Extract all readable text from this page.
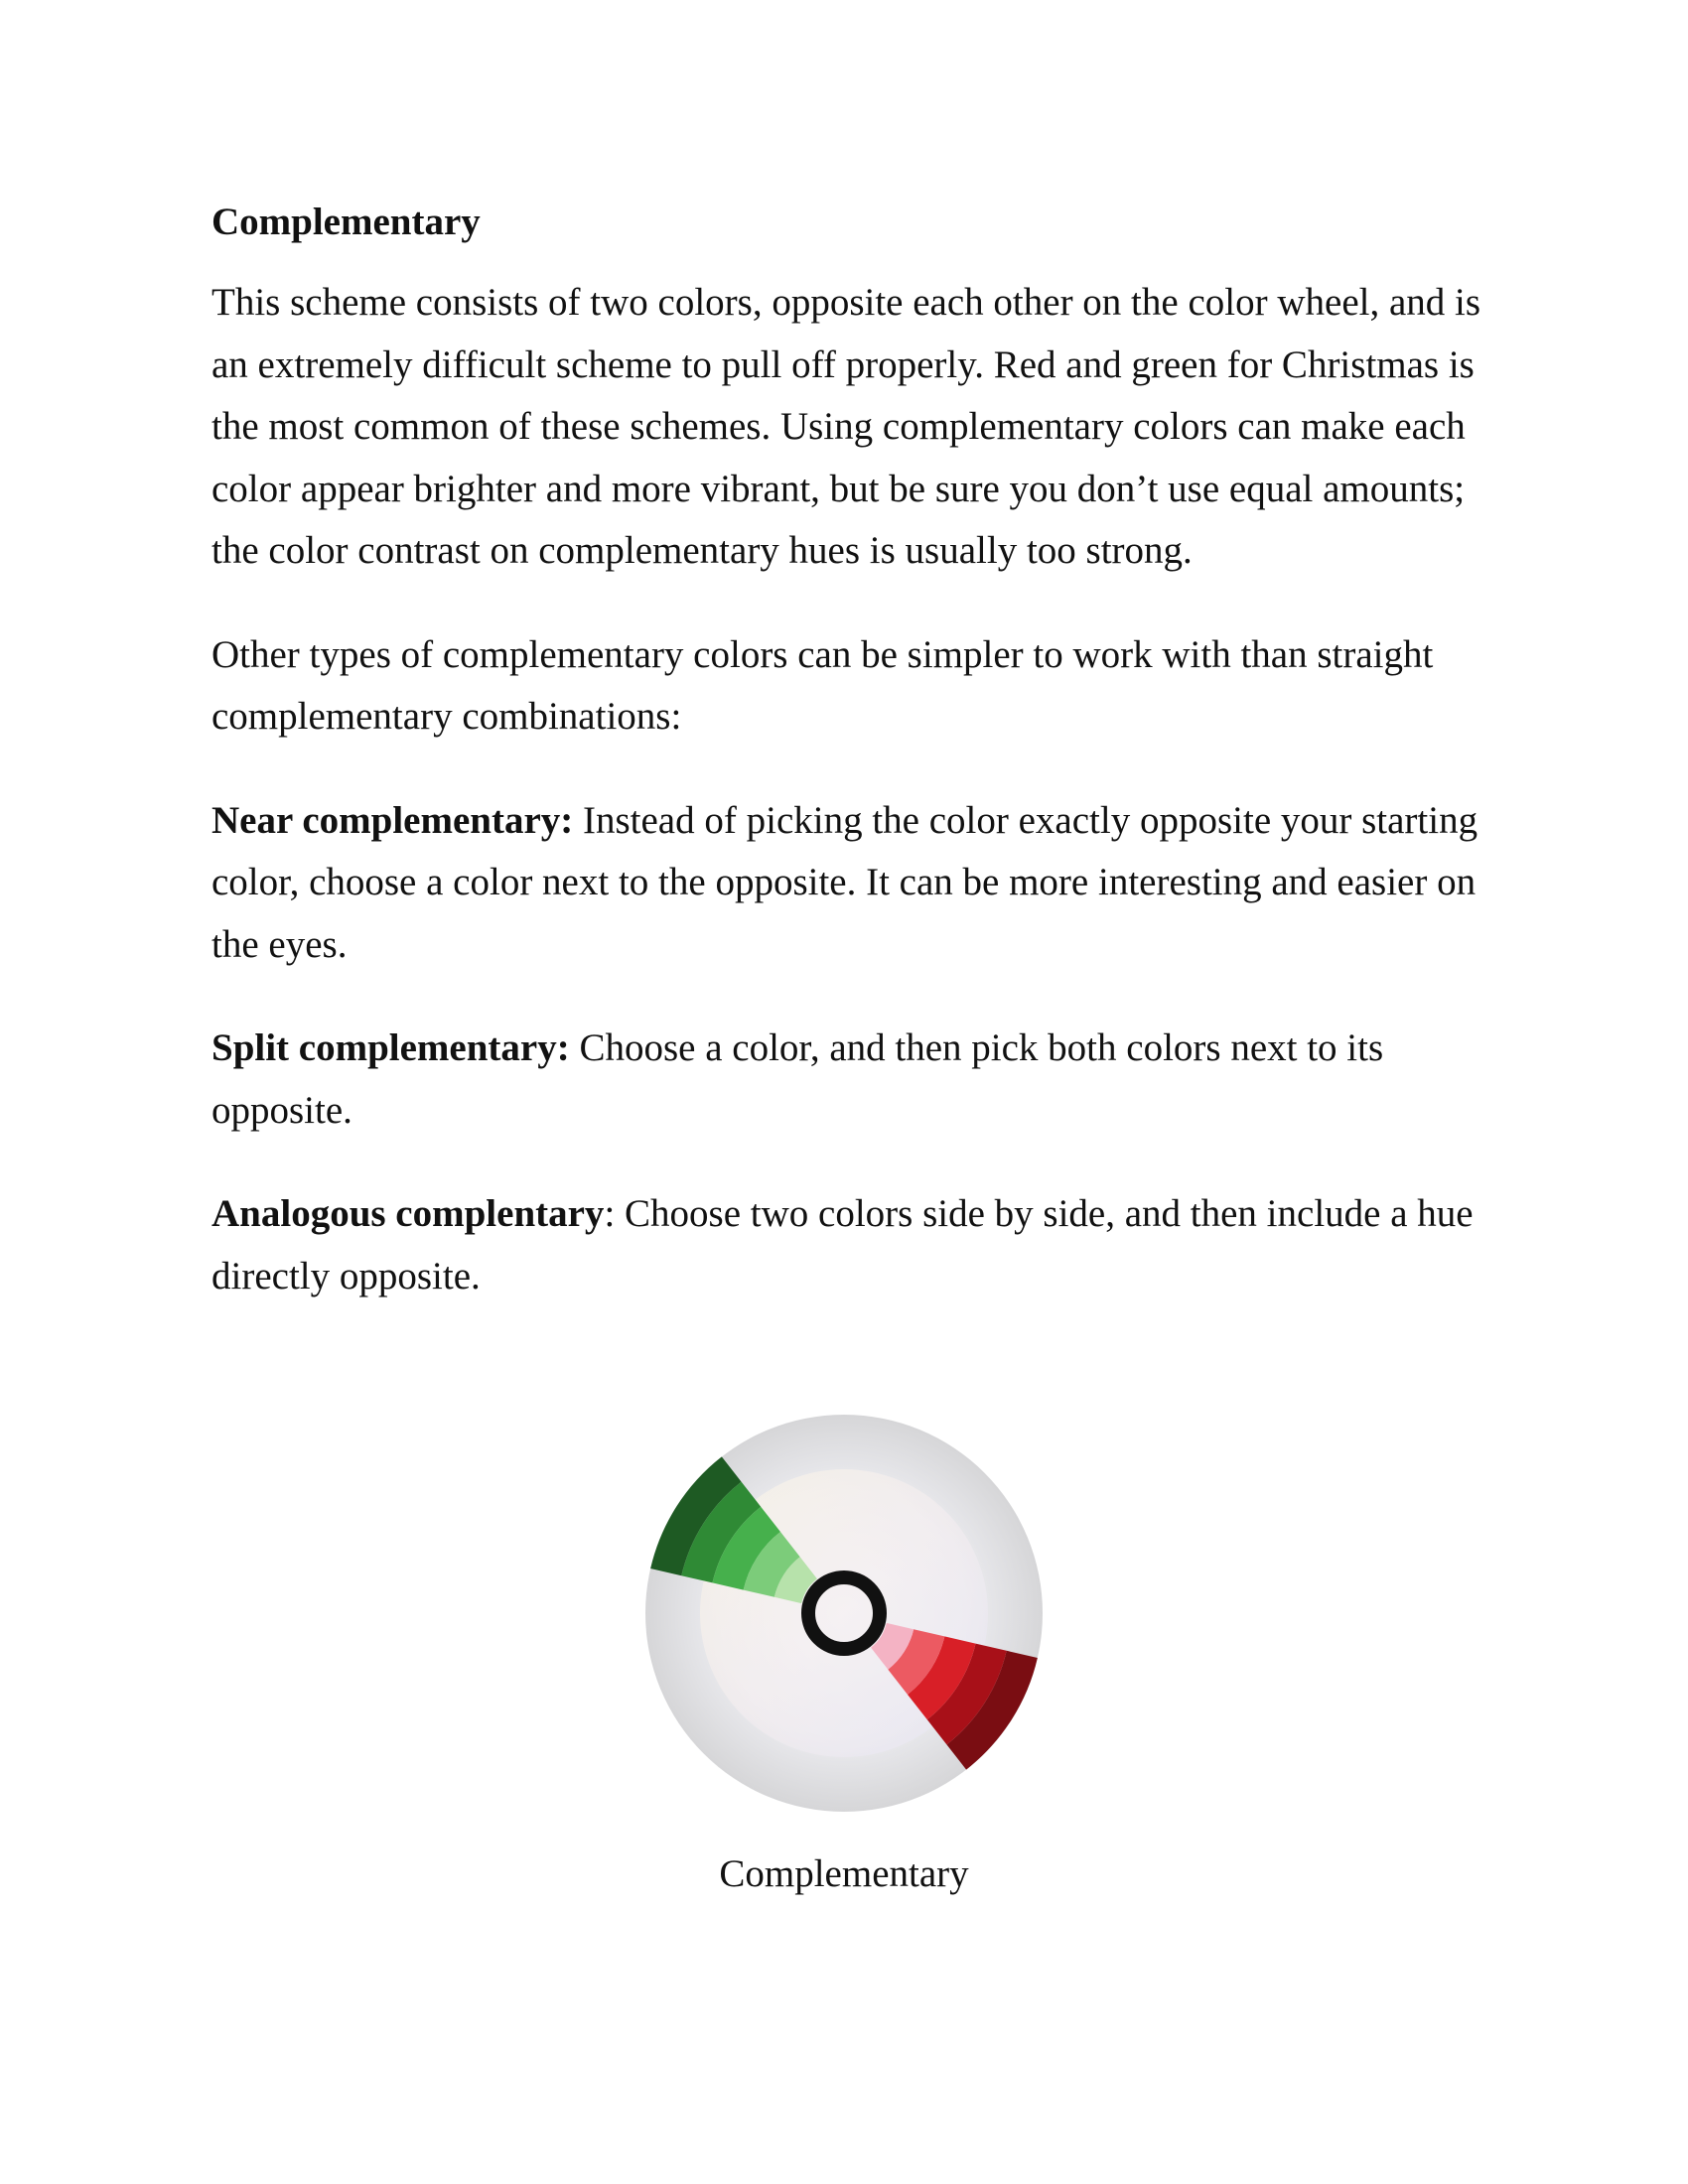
Complementary

This scheme consists of two colors, opposite each other on the color wheel, and is an extremely difficult scheme to pull off properly. Red and green for Christmas is the most common of these schemes. Using complementary colors can make each color appear brighter and more vibrant, but be sure you don’t use equal amounts; the color contrast on complementary hues is usually too strong.

Other types of complementary colors can be simpler to work with than straight complementary combinations:

Near complementary: Instead of picking the color exactly opposite your starting color, choose a color next to the opposite. It can be more interesting and easier on the eyes.

Split complementary: Choose a color, and then pick both colors next to its opposite.

Analogous complentary: Choose two colors side by side, and then include a hue directly opposite.

Complementary
